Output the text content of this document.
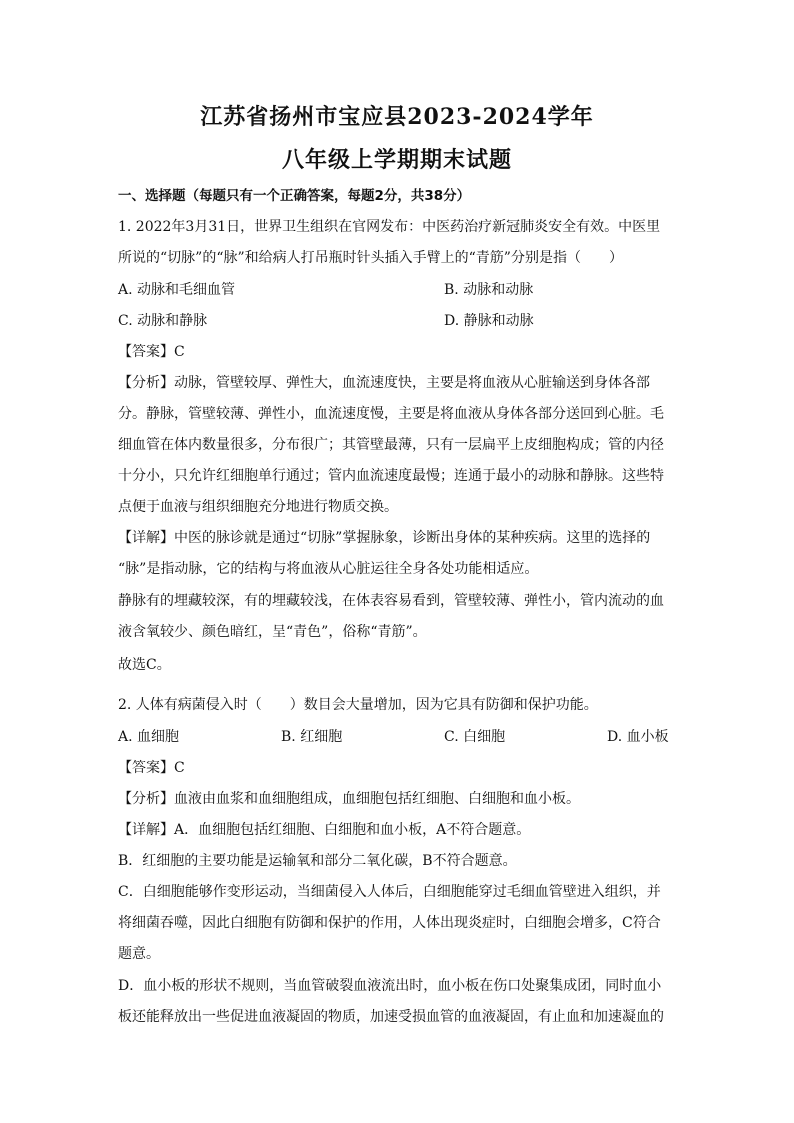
江苏省扬州市宝应县2023-2024学年
八年级上学期期末试题
一、选择题（每题只有一个正确答案，每题2分，共38分）
1. 2022年3月31日，世界卫生组织在官网发布：中医药治疗新冠肺炎安全有效。中医里
所说的“切脉”的“脉”和给病人打吊瓶时针头插入手臂上的“青筋”分别是指（　　）
A. 动脉和毛细血管	B. 动脉和动脉
C. 动脉和静脉	D. 静脉和动脉
【答案】C
【分析】动脉，管壁较厚、弹性大，血流速度快，主要是将血液从心脏输送到身体各部
分。静脉，管壁较薄、弹性小，血流速度慢，主要是将血液从身体各部分送回到心脏。毛
细血管在体内数量很多，分布很广；其管壁最薄，只有一层扁平上皮细胞构成；管的内径
十分小，只允许红细胞单行通过；管内血流速度最慢；连通于最小的动脉和静脉。这些特
点便于血液与组织细胞充分地进行物质交换。
【详解】中医的脉诊就是通过“切脉”掌握脉象，诊断出身体的某种疾病。这里的选择的
“脉”是指动脉，它的结构与将血液从心脏运往全身各处功能相适应。
静脉有的埋藏较深，有的埋藏较浅，在体表容易看到，管壁较薄、弹性小，管内流动的血
液含氧较少、颜色暗红，呈“青色”，俗称“青筋”。
故选C。
2. 人体有病菌侵入时（　　）数目会大量增加，因为它具有防御和保护功能。
A. 血细胞	B. 红细胞	C. 白细胞	D. 血小板
【答案】C
【分析】血液由血浆和血细胞组成，血细胞包括红细胞、白细胞和血小板。
【详解】A．血细胞包括红细胞、白细胞和血小板，A不符合题意。
B．红细胞的主要功能是运输氧和部分二氧化碳，B不符合题意。
C．白细胞能够作变形运动，当细菌侵入人体后，白细胞能穿过毛细血管壁进入组织，并
将细菌吞噬，因此白细胞有防御和保护的作用，人体出现炎症时，白细胞会增多，C符合
题意。
D．血小板的形状不规则，当血管破裂血液流出时，血小板在伤口处聚集成团，同时血小
板还能释放出一些促进血液凝固的物质，加速受损血管的血液凝固，有止血和加速凝血的
